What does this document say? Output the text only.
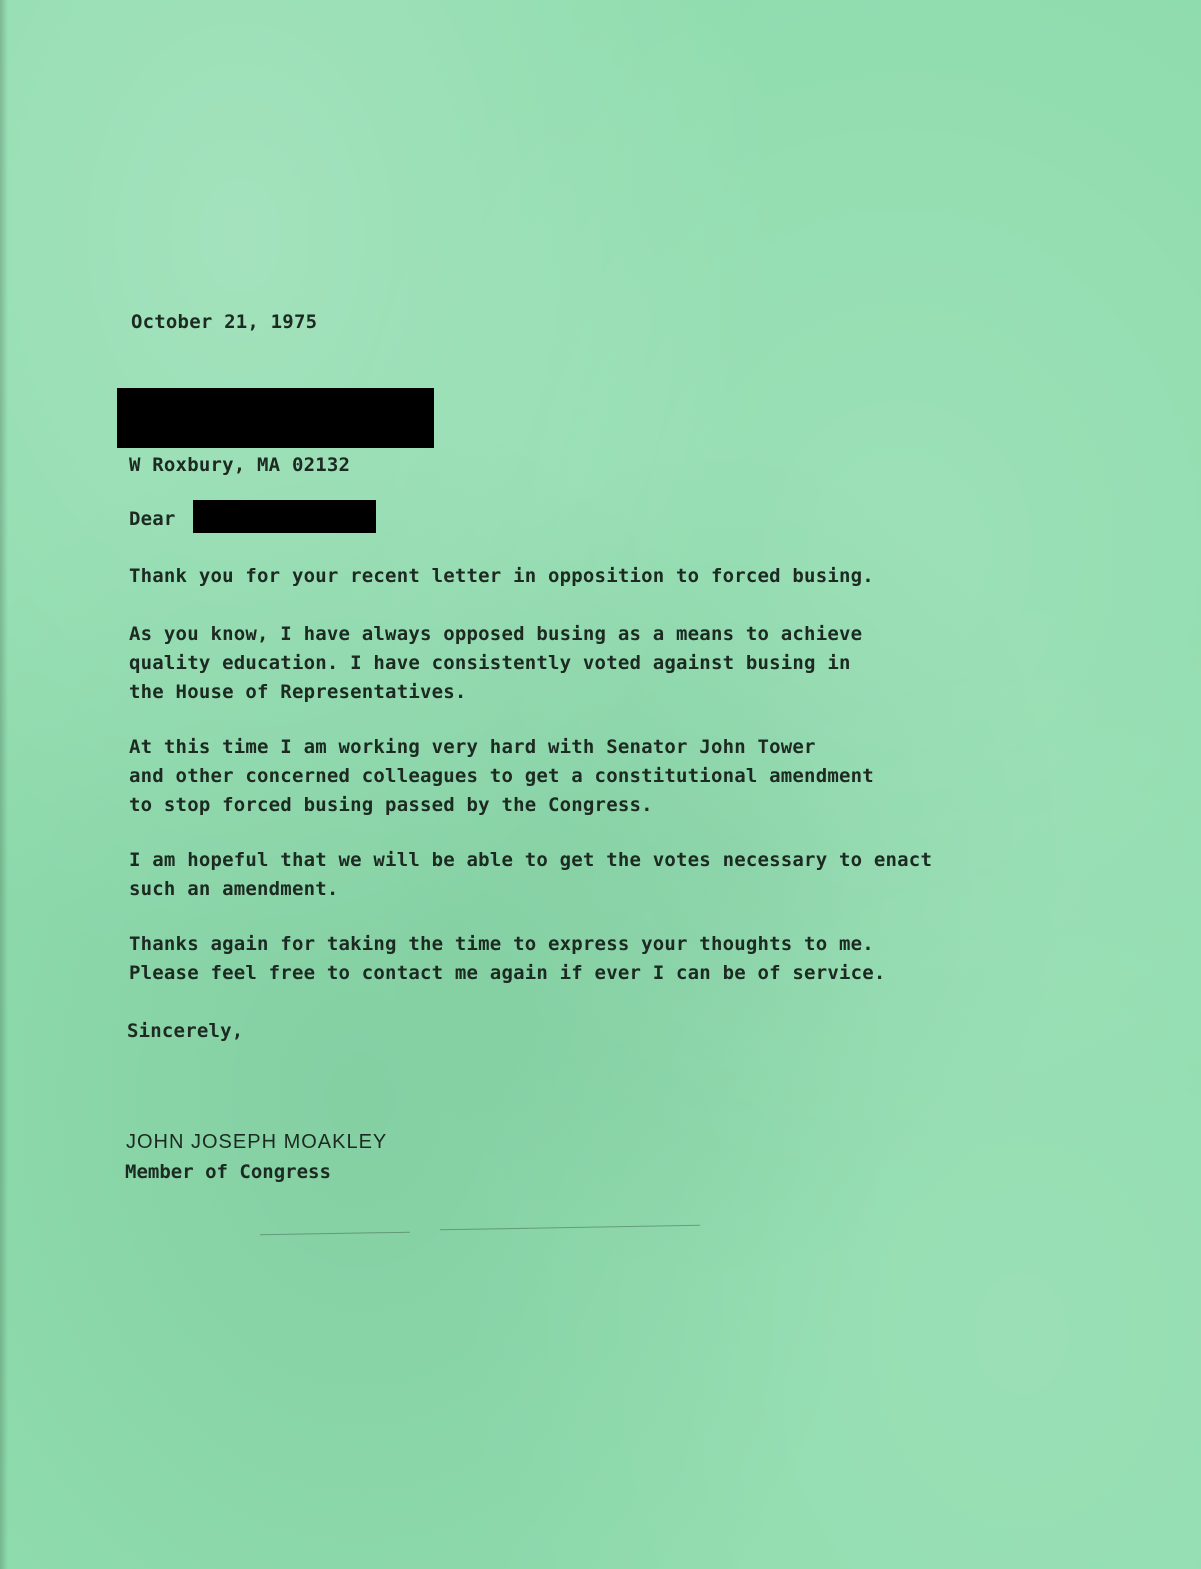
October 21, 1975
W Roxbury, MA 02132
Dear
Thank you for your recent letter in opposition to forced busing.
As you know, I have always opposed busing as a means to achieve
quality education. I have consistently voted against busing in
the House of Representatives.
At this time I am working very hard with Senator John Tower
and other concerned colleagues to get a constitutional amendment
to stop forced busing passed by the Congress.
I am hopeful that we will be able to get the votes necessary to enact
such an amendment.
Thanks again for taking the time to express your thoughts to me.
Please feel free to contact me again if ever I can be of service.
Sincerely,
JOHN JOSEPH MOAKLEY
Member of Congress
